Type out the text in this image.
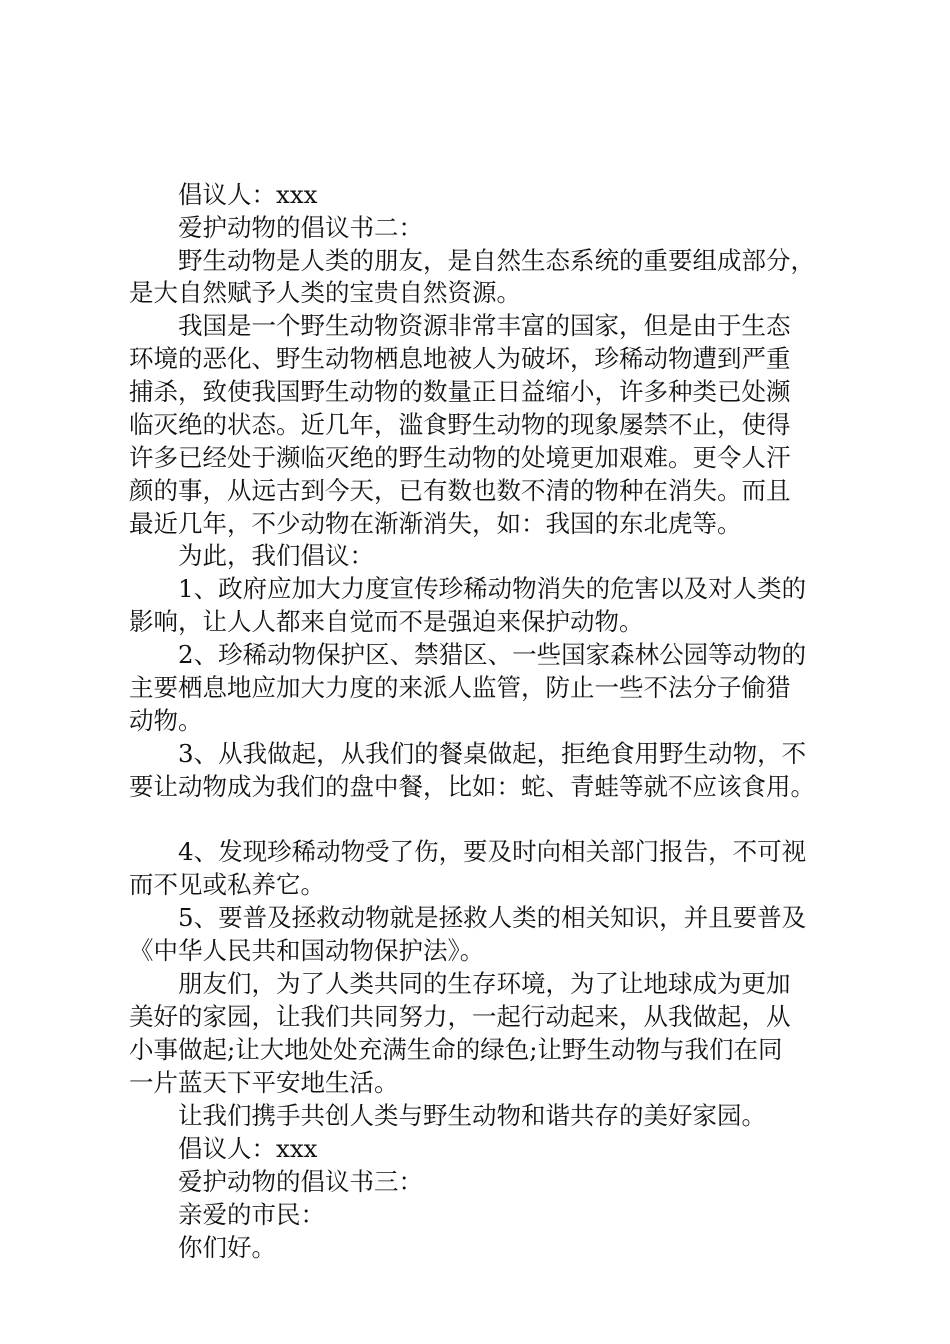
倡议人：xxx
爱护动物的倡议书二：
野生动物是人类的朋友，是自然生态系统的重要组成部分，
是大自然赋予人类的宝贵自然资源。
我国是一个野生动物资源非常丰富的国家，但是由于生态
环境的恶化、野生动物栖息地被人为破坏，珍稀动物遭到严重
捕杀，致使我国野生动物的数量正日益缩小，许多种类已处濒
临灭绝的状态。近几年，滥食野生动物的现象屡禁不止，使得
许多已经处于濒临灭绝的野生动物的处境更加艰难。更令人汗
颜的事，从远古到今天，已有数也数不清的物种在消失。而且
最近几年，不少动物在渐渐消失，如：我国的东北虎等。
为此，我们倡议：
1、政府应加大力度宣传珍稀动物消失的危害以及对人类的
影响，让人人都来自觉而不是强迫来保护动物。
2、珍稀动物保护区、禁猎区、一些国家森林公园等动物的
主要栖息地应加大力度的来派人监管，防止一些不法分子偷猎
动物。
3、从我做起，从我们的餐桌做起，拒绝食用野生动物，不
要让动物成为我们的盘中餐，比如：蛇、青蛙等就不应该食用。
4、发现珍稀动物受了伤，要及时向相关部门报告，不可视
而不见或私养它。
5、要普及拯救动物就是拯救人类的相关知识，并且要普及
《中华人民共和国动物保护法》。
朋友们，为了人类共同的生存环境，为了让地球成为更加
美好的家园，让我们共同努力，一起行动起来，从我做起，从
小事做起;让大地处处充满生命的绿色;让野生动物与我们在同
一片蓝天下平安地生活。
让我们携手共创人类与野生动物和谐共存的美好家园。
倡议人：xxx
爱护动物的倡议书三：
亲爱的市民：
你们好。
